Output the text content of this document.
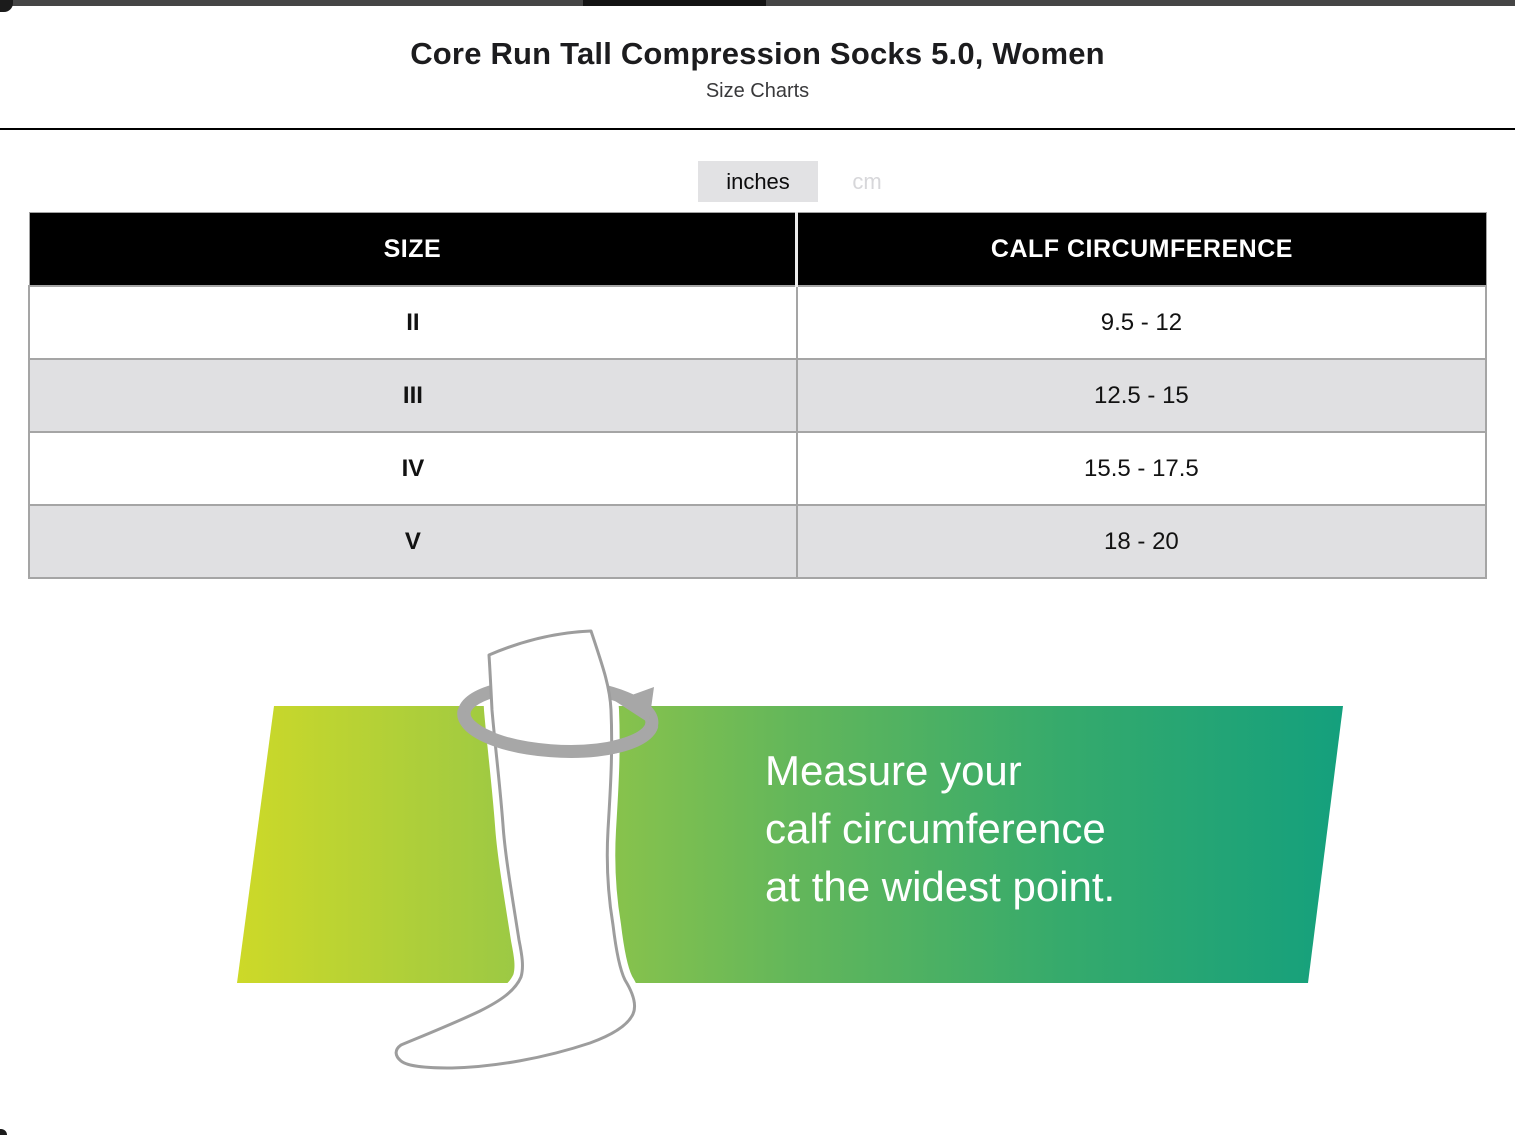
Core Run Tall Compression Socks 5.0, Women
Size Charts
inches	cm
SIZE	CALF CIRCUMFERENCE
II	9.5 - 12
III	12.5 - 15
IV	15.5 - 17.5
V	18 - 20
Measure your
calf circumference
at the widest point.
